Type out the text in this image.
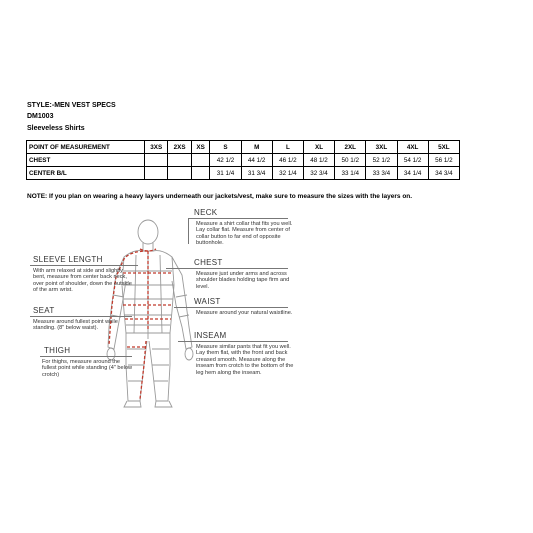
STYLE:-MEN VEST SPECS
DM1003
Sleeveless Shirts
POINT OF MEASUREMENT	3XS	2XS	XS	S	M	L	XL	2XL	3XL	4XL	5XL
CHEST				42 1/2	44 1/2	46 1/2	48 1/2	50 1/2	52 1/2	54 1/2	56 1/2
CENTER B/L				31 1/4	31 3/4	32 1/4	32 3/4	33 1/4	33 3/4	34 1/4	34 3/4
NOTE: If you plan on wearing a heavy layers underneath our jackets/vest, make sure to measure the sizes with the layers on.
NECK
Measure a shirt collar that fits you well. Lay collar flat. Measure from center of collar button to far end of opposite buttonhole.
CHEST
Measure just under arms and across shoulder blades holding tape firm and level.
WAIST
Measure around your natural waistline.
INSEAM
Measure similar pants that fit you well. Lay them flat, with the front and back creased smooth. Measure along the inseam from crotch to the bottom of the leg hem along the inseam.
SLEEVE LENGTH
With arm relaxed at side and slightly bent, measure from center back neck, over point of shoulder, down the outside of the arm wrist.
SEAT
Measure around fullest point while standing. (8" below waist).
THIGH
For thighs, measure around the fullest point while standing (4" below crotch)
